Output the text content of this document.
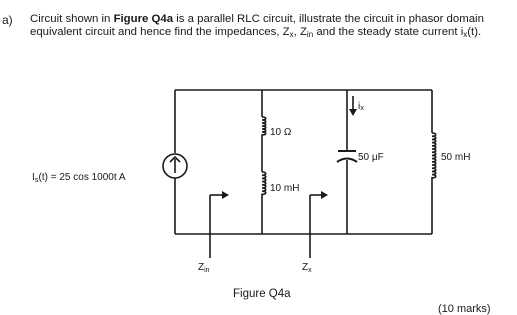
a) Circuit shown in Figure Q4a is a parallel RLC circuit, illustrate the circuit in phasor domain equivalent circuit and hence find the impedances, $Z_x$, $Z_{in}$ and the steady state current $i_x(t)$.
$I_s(t) = 25$ cos 1000t A
10 Ω
10 mH
50 μF	50 mH
ix
$Z_{in}$	$Z_x$
Figure Q4a
(10 marks)
